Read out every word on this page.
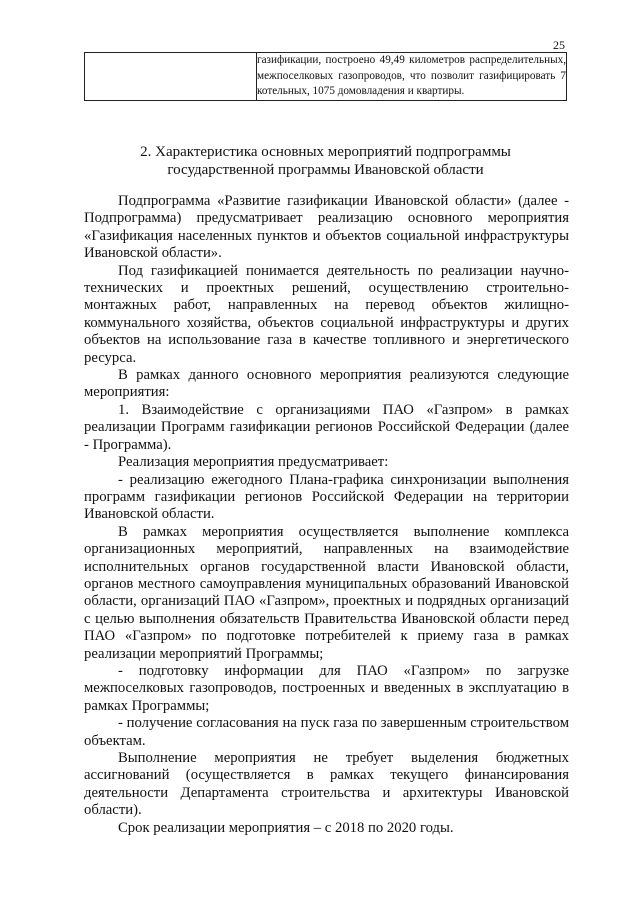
25
	газификации, построено 49,49 километров распределительных, межпоселковых газопроводов, что позволит газифицировать 7 котельных, 1075 домовладения и квартиры.
2. Характеристика основных мероприятий подпрограммы
государственной программы Ивановской области

Подпрограмма «Развитие газификации Ивановской области» (далее - Подпрограмма) предусматривает реализацию основного мероприятия «Газификация населенных пунктов и объектов социальной инфраструктуры Ивановской области».

Под газификацией понимается деятельность по реализации научно-технических и проектных решений, осуществлению строительно-монтажных работ, направленных на перевод объектов жилищно-коммунального хозяйства, объектов социальной инфраструктуры и других объектов на использование газа в качестве топливного и энергетического ресурса.

В рамках данного основного мероприятия реализуются следующие мероприятия:

1. Взаимодействие с организациями ПАО «Газпром» в рамках реализации Программ газификации регионов Российской Федерации (далее - Программа).

Реализация мероприятия предусматривает:

- реализацию ежегодного Плана-графика синхронизации выполнения программ газификации регионов Российской Федерации на территории Ивановской области.

В рамках мероприятия осуществляется выполнение комплекса организационных мероприятий, направленных на взаимодействие исполнительных органов государственной власти Ивановской области, органов местного самоуправления муниципальных образований Ивановской области, организаций ПАО «Газпром», проектных и подрядных организаций с целью выполнения обязательств Правительства Ивановской области перед ПАО «Газпром» по подготовке потребителей к приему газа в рамках реализации мероприятий Программы;

- подготовку информации для ПАО «Газпром» по загрузке межпоселковых газопроводов, построенных и введенных в эксплуатацию в рамках Программы;

- получение согласования на пуск газа по завершенным строительством объектам.

Выполнение мероприятия не требует выделения бюджетных ассигнований (осуществляется в рамках текущего финансирования деятельности Департамента строительства и архитектуры Ивановской области).

Срок реализации мероприятия – с 2018 по 2020 годы.
